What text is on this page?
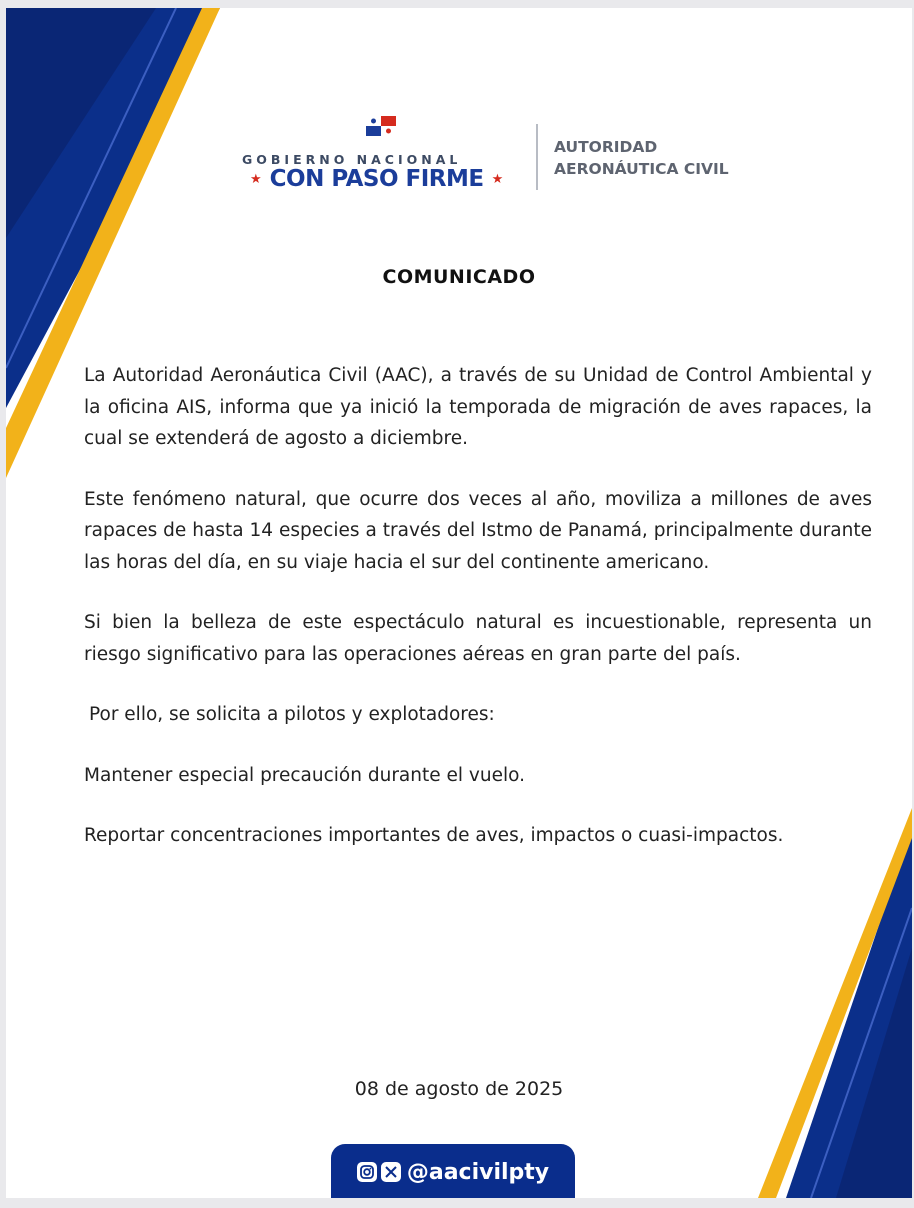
GOBIERNO NACIONAL
★ CON PASO FIRME ★
AUTORIDAD
AERONÁUTICA CIVIL
COMUNICADO

La Autoridad Aeronáutica Civil (AAC), a través de su Unidad de Control Ambiental y la oficina AIS, informa que ya inició la temporada de migración de aves rapaces, la cual se extenderá de agosto a diciembre.

Este fenómeno natural, que ocurre dos veces al año, moviliza a millones de aves rapaces de hasta 14 especies a través del Istmo de Panamá, principalmente durante las horas del día, en su viaje hacia el sur del continente americano.

Si bien la belleza de este espectáculo natural es incuestionable, representa un riesgo significativo para las operaciones aéreas en gran parte del país.

Por ello, se solicita a pilotos y explotadores:

Mantener especial precaución durante el vuelo.

Reportar concentraciones importantes de aves, impactos o cuasi-impactos.

08 de agosto de 2025
@aacivilpty
